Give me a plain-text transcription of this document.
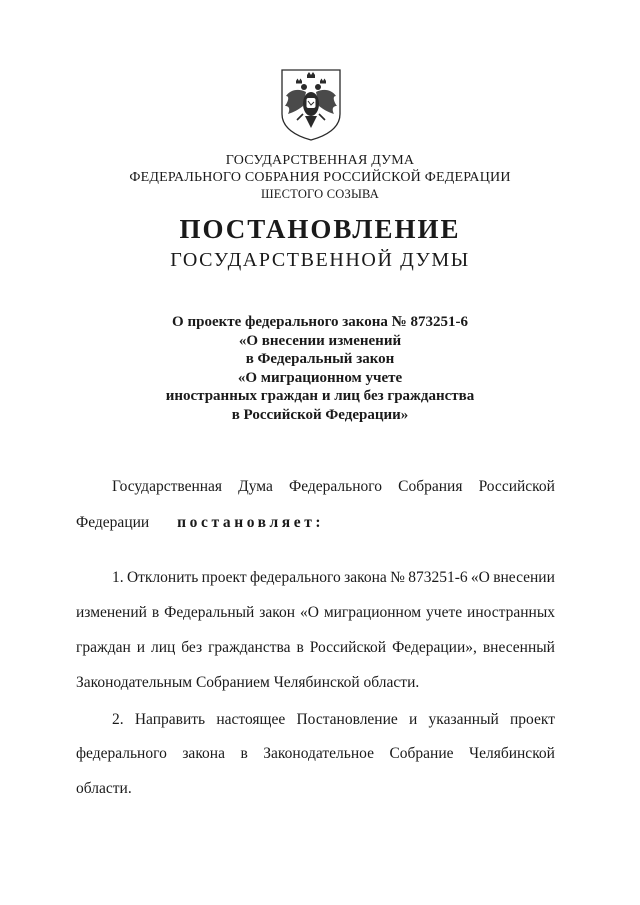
ГОСУДАРСТВЕННАЯ ДУМА
ФЕДЕРАЛЬНОГО СОБРАНИЯ РОССИЙСКОЙ ФЕДЕРАЦИИ
ШЕСТОГО СОЗЫВА
ПОСТАНОВЛЕНИЕ
ГОСУДАРСТВЕННОЙ ДУМЫ
О проекте федерального закона № 873251-6
«О внесении изменений
в Федеральный закон
«О миграционном учете
иностранных граждан и лиц без гражданства
в Российской Федерации»
Государственная Дума Федерального Собрания Российской
Федерации постановляет:
1. Отклонить проект федерального закона № 873251-6 «О внесении
изменений в Федеральный закон «О миграционном учете иностранных
граждан и лиц без гражданства в Российской Федерации», внесенный
Законодательным Собранием Челябинской области.
2. Направить настоящее Постановление и указанный проект
федерального закона в Законодательное Собрание Челябинской
области.
